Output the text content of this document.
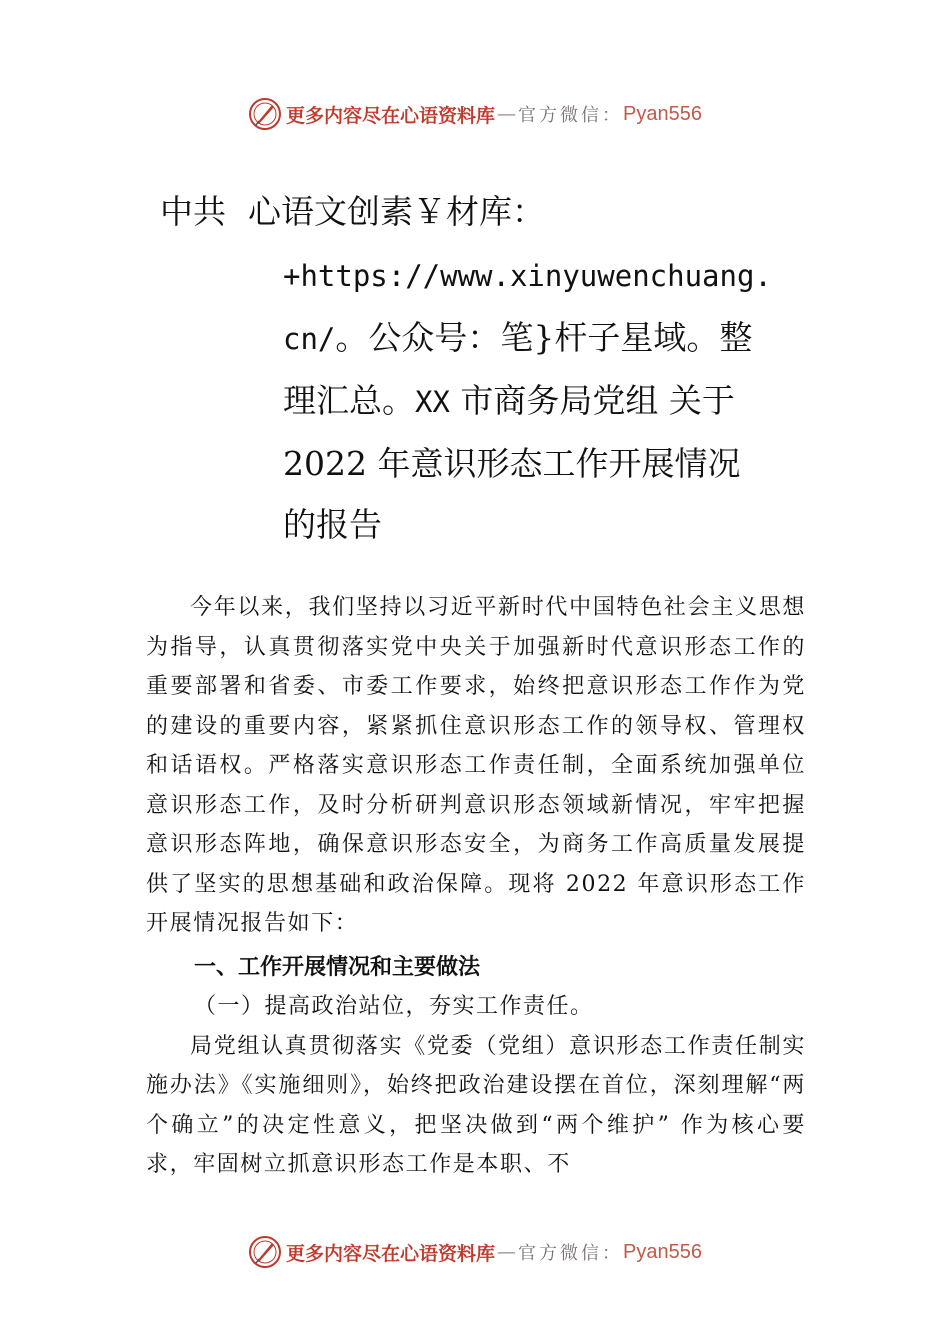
更多内容尽在心语资料库 — 官方微信： Pyan556
中共 心语文创素￥材库：
+https://www.xinyuwenchuang.
cn/。公众号：笔}杆子星域。整
理汇总。XX 市商务局党组 关于
2022 年意识形态工作开展情况
的报告

今年以来，我们坚持以习近平新时代中国特色社会主义思想为指导，认真贯彻落实党中央关于加强新时代意识形态工作的重要部署和省委、市委工作要求，始终把意识形态工作作为党的建设的重要内容，紧紧抓住意识形态工作的领导权、管理权和话语权。严格落实意识形态工作责任制，全面系统加强单位意识形态工作，及时分析研判意识形态领域新情况，牢牢把握意识形态阵地，确保意识形态安全，为商务工作高质量发展提供了坚实的思想基础和政治保障。现将 2022 年意识形态工作开展情况报告如下：

一、工作开展情况和主要做法

（一）提高政治站位，夯实工作责任。

局党组认真贯彻落实《党委（党组）意识形态工作责任制实施办法》《实施细则》，始终把政治建设摆在首位，深刻理解“两个确立”的决定性意义，把坚决做到“两个维护” 作为核心要求，牢固树立抓意识形态工作是本职、不

更多内容尽在心语资料库 — 官方微信： Pyan556
